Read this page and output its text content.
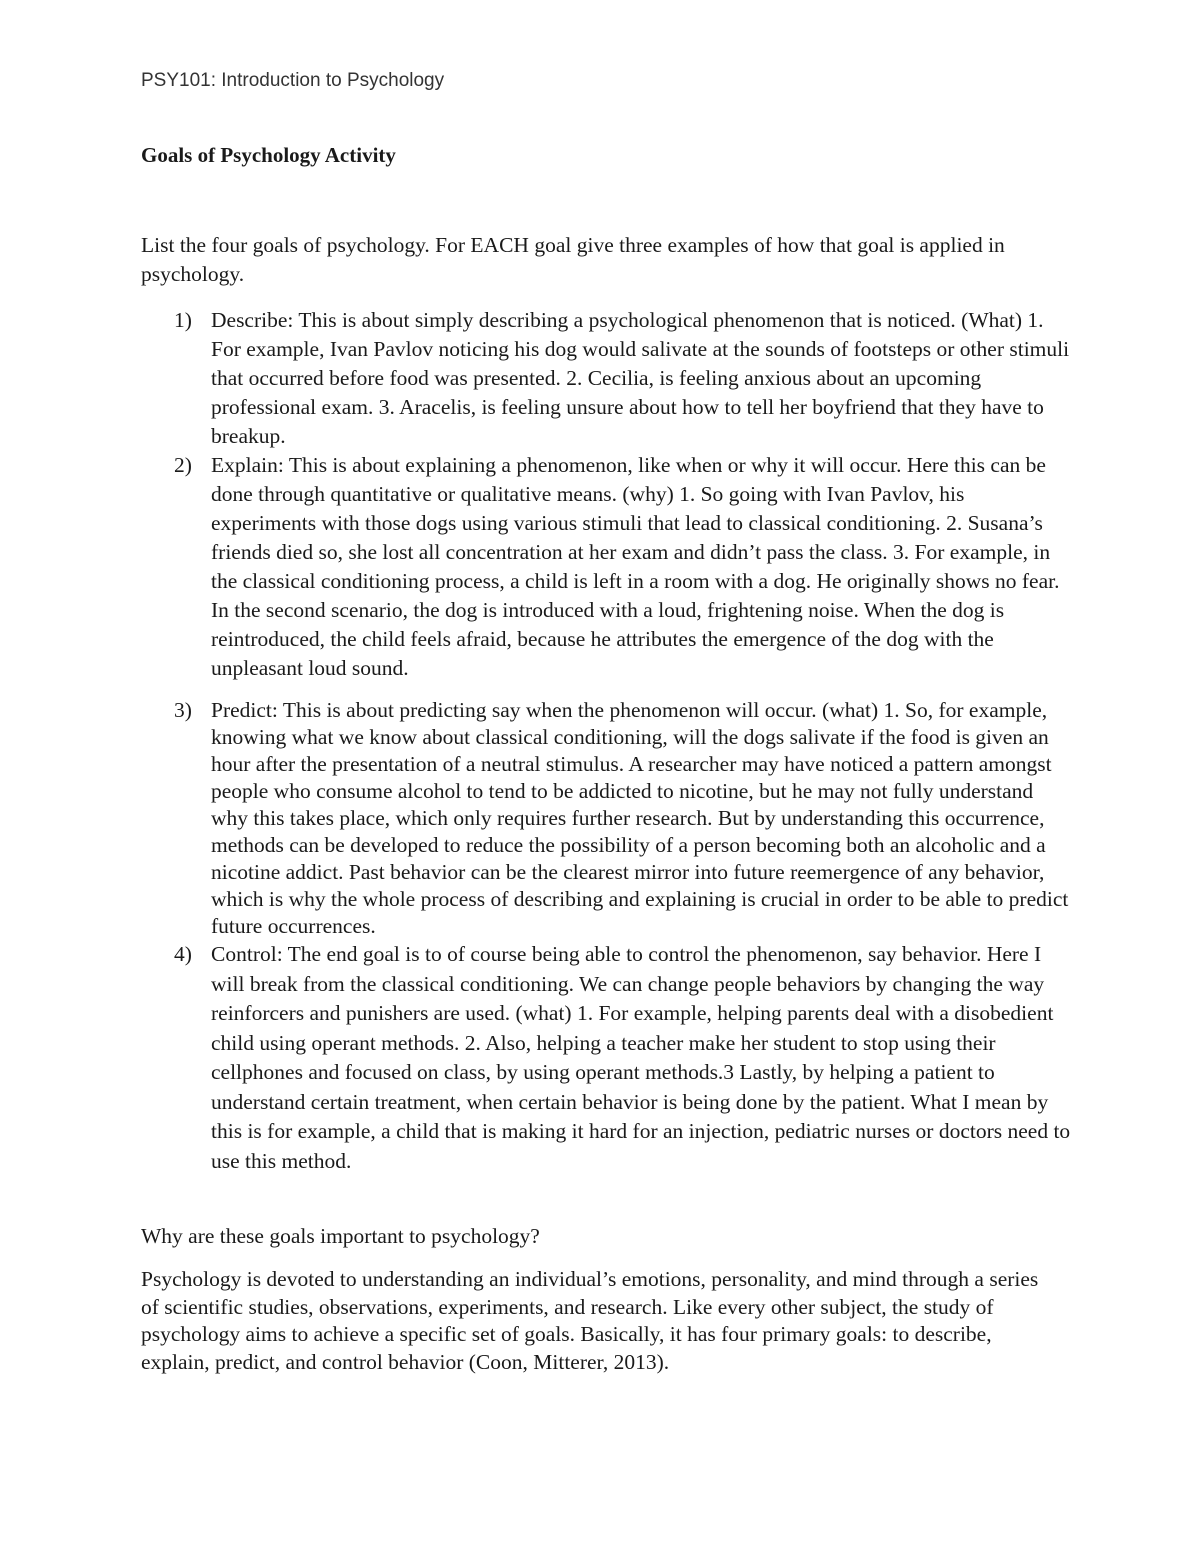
PSY101: Introduction to Psychology

Goals of Psychology Activity

List the four goals of psychology. For EACH goal give three examples of how that goal is applied in psychology.

1) Describe: This is about simply describing a psychological phenomenon that is noticed. (What) 1. For example, Ivan Pavlov noticing his dog would salivate at the sounds of footsteps or other stimuli that occurred before food was presented. 2. Cecilia, is feeling anxious about an upcoming professional exam. 3. Aracelis, is feeling unsure about how to tell her boyfriend that they have to breakup.
2) Explain: This is about explaining a phenomenon, like when or why it will occur. Here this can be done through quantitative or qualitative means. (why) 1. So going with Ivan Pavlov, his experiments with those dogs using various stimuli that lead to classical conditioning. 2. Susana’s friends died so, she lost all concentration at her exam and didn’t pass the class. 3. For example, in the classical conditioning process, a child is left in a room with a dog. He originally shows no fear. In the second scenario, the dog is introduced with a loud, frightening noise. When the dog is reintroduced, the child feels afraid, because he attributes the emergence of the dog with the unpleasant loud sound.
3) Predict: This is about predicting say when the phenomenon will occur. (what) 1. So, for example, knowing what we know about classical conditioning, will the dogs salivate if the food is given an hour after the presentation of a neutral stimulus. A researcher may have noticed a pattern amongst people who consume alcohol to tend to be addicted to nicotine, but he may not fully understand why this takes place, which only requires further research. But by understanding this occurrence, methods can be developed to reduce the possibility of a person becoming both an alcoholic and a nicotine addict. Past behavior can be the clearest mirror into future reemergence of any behavior, which is why the whole process of describing and explaining is crucial in order to be able to predict future occurrences.
4) Control: The end goal is to of course being able to control the phenomenon, say behavior. Here I will break from the classical conditioning. We can change people behaviors by changing the way reinforcers and punishers are used. (what) 1. For example, helping parents deal with a disobedient child using operant methods. 2. Also, helping a teacher make her student to stop using their cellphones and focused on class, by using operant methods.3 Lastly, by helping a patient to understand certain treatment, when certain behavior is being done by the patient. What I mean by this is for example, a child that is making it hard for an injection, pediatric nurses or doctors need to use this method.

Why are these goals important to psychology?

Psychology is devoted to understanding an individual’s emotions, personality, and mind through a series of scientific studies, observations, experiments, and research. Like every other subject, the study of psychology aims to achieve a specific set of goals. Basically, it has four primary goals: to describe, explain, predict, and control behavior (Coon, Mitterer, 2013).
